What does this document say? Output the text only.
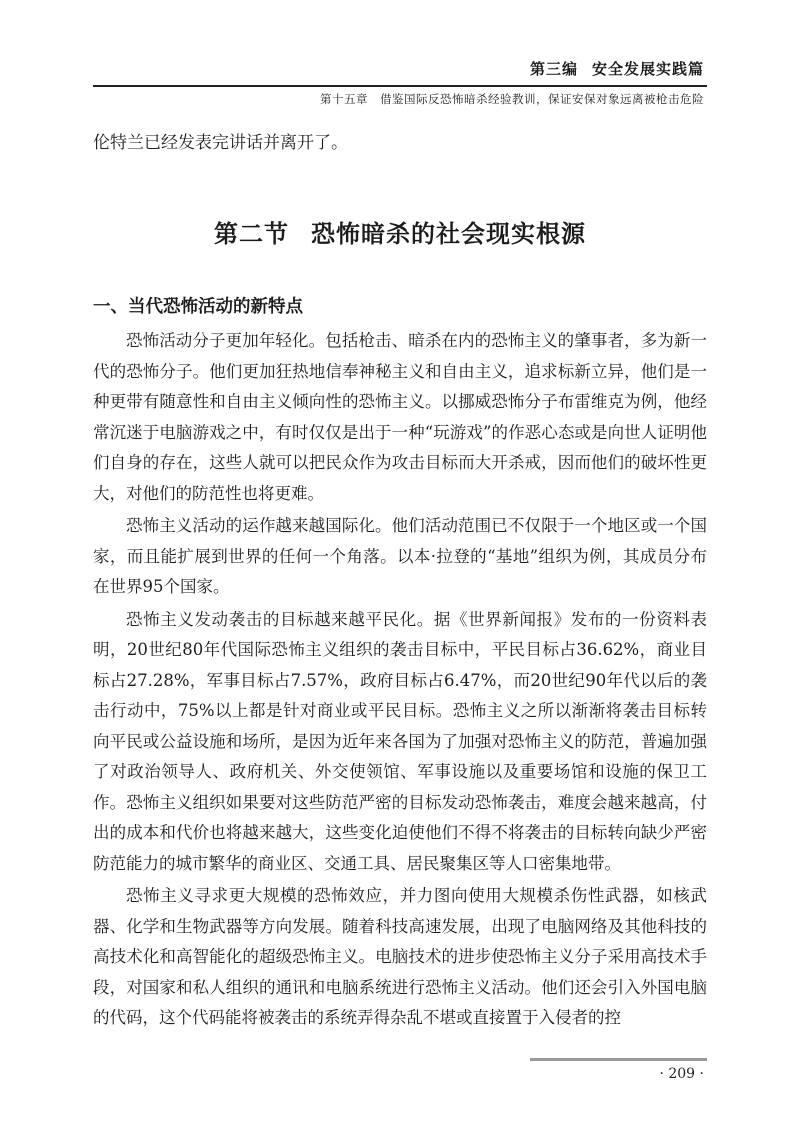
第三编 安全发展实践篇
第十五章　借鉴国际反恐怖暗杀经验教训，保证安保对象远离被枪击危险

伦特兰已经发表完讲话并离开了。

第二节 恐怖暗杀的社会现实根源
一、当代恐怖活动的新特点

恐怖活动分子更加年轻化。包括枪击、暗杀在内的恐怖主义的肇事者，多为新一代的恐怖分子。他们更加狂热地信奉神秘主义和自由主义，追求标新立异，他们是一种更带有随意性和自由主义倾向性的恐怖主义。以挪威恐怖分子布雷维克为例，他经常沉迷于电脑游戏之中，有时仅仅是出于一种“玩游戏”的作恶心态或是向世人证明他们自身的存在，这些人就可以把民众作为攻击目标而大开杀戒，因而他们的破坏性更大，对他们的防范性也将更难。

恐怖主义活动的运作越来越国际化。他们活动范围已不仅限于一个地区或一个国家，而且能扩展到世界的任何一个角落。以本·拉登的“基地”组织为例，其成员分布在世界95个国家。

恐怖主义发动袭击的目标越来越平民化。据《世界新闻报》发布的一份资料表明，20世纪80年代国际恐怖主义组织的袭击目标中，平民目标占36.62%，商业目标占27.28%，军事目标占7.57%，政府目标占6.47%，而20世纪90年代以后的袭击行动中，75%以上都是针对商业或平民目标。恐怖主义之所以渐渐将袭击目标转向平民或公益设施和场所，是因为近年来各国为了加强对恐怖主义的防范，普遍加强了对政治领导人、政府机关、外交使领馆、军事设施以及重要场馆和设施的保卫工作。恐怖主义组织如果要对这些防范严密的目标发动恐怖袭击，难度会越来越高，付出的成本和代价也将越来越大，这些变化迫使他们不得不将袭击的目标转向缺少严密防范能力的城市繁华的商业区、交通工具、居民聚集区等人口密集地带。

恐怖主义寻求更大规模的恐怖效应，并力图向使用大规模杀伤性武器，如核武器、化学和生物武器等方向发展。随着科技高速发展，出现了电脑网络及其他科技的高技术化和高智能化的超级恐怖主义。电脑技术的进步使恐怖主义分子采用高技术手段，对国家和私人组织的通讯和电脑系统进行恐怖主义活动。他们还会引入外国电脑的代码，这个代码能将被袭击的系统弄得杂乱不堪或直接置于入侵者的控

· 209 ·
